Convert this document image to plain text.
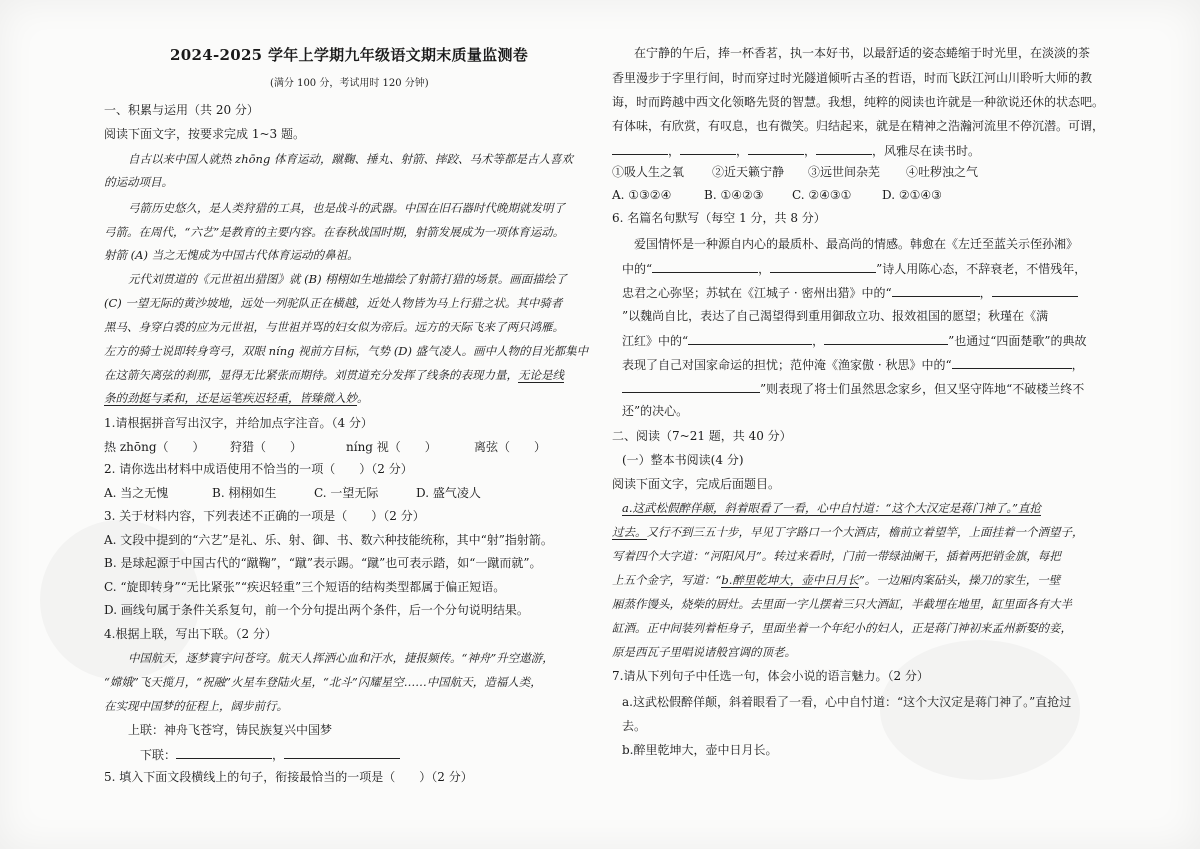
2024-2025 学年上学期九年级语文期末质量监测卷
(满分 100 分，考试用时 120 分钟)
一、积累与运用（共 20 分）
阅读下面文字，按要求完成 1~3 题。
自古以来中国人就热 zhōng 体育运动，蹴鞠、捶丸、射箭、摔跤、马术等都是古人喜欢
的运动项目。
弓箭历史悠久，是人类狩猎的工具，也是战斗的武器。中国在旧石器时代晚期就发明了
弓箭。在周代，“六艺”是教育的主要内容。在春秋战国时期，射箭发展成为一项体育运动。
射箭 (A) 当之无愧成为中国古代体育运动的鼻祖。
元代刘贯道的《元世祖出猎图》就 (B) 栩栩如生地描绘了射箭打猎的场景。画面描绘了
(C) 一望无际的黄沙坡地，远处一列驼队正在横越，近处人物皆为马上行猎之状。其中骑者
黑马、身穿白裘的应为元世祖，与世祖并骂的妇女似为帝后。远方的天际飞来了两只鸿雁。
左方的骑士说即转身弯弓，双眼 níng 视前方目标，气势 (D) 盛气凌人。画中人物的目光都集中
在这箭矢离弦的刹那，显得无比紧张而期待。刘贯道充分发挥了线条的表现力量，无论是线
条的劲挺与柔和，还是运笔疾迟轻重，皆臻微入妙。
1.请根据拼音写出汉字，并给加点字注音。（4 分）
热 zhōng（　　） 狩猎（　　）	níng 视（　　）	离弦（　　）
2. 请你选出材料中成语使用不恰当的一项（　　）（2 分）
A. 当之无愧	B. 栩栩如生	C. 一望无际	D. 盛气凌人
3. 关于材料内容，下列表述不正确的一项是（　　）（2 分）
A. 文段中提到的“六艺”是礼、乐、射、御、书、数六种技能统称，其中“射”指射箭。
B. 是球起源于中国古代的“蹴鞠”，“蹴”表示踢。“蹴”也可表示踏，如“一蹴而就”。
C. “旋即转身”“无比紧张”“疾迟轻重”三个短语的结构类型都属于偏正短语。
D. 画线句属于条件关系复句，前一个分句提出两个条件，后一个分句说明结果。
4.根据上联，写出下联。（2 分）
中国航天，逐梦寰宇问苍穹。航天人挥洒心血和汗水，捷报频传。“神舟”升空遨游，
“嫦娥”飞天揽月，“祝融”火星车登陆火星，“北斗”闪耀星空……中国航天，造福人类，
在实现中国梦的征程上，阔步前行。
上联：神舟飞苍穹，铸民族复兴中国梦
下联：	，
5. 填入下面文段横线上的句子，衔接最恰当的一项是（　　）（2 分）
在宁静的午后，捧一杯香茗，执一本好书，以最舒适的姿态蜷缩于时光里，在淡淡的茶
香里漫步于字里行间，时而穿过时光隧道倾听古圣的哲语，时而飞跃江河山川聆听大师的教
诲，时而跨越中西文化领略先贤的智慧。我想，纯粹的阅读也许就是一种欲说还休的状态吧。
有体味，有欣赏，有叹息，也有微笑。归结起来，就是在精神之浩瀚河流里不停沉潜。可谓，
，	，	，	，风雅尽在读书时。
①吸人生之氧 ②近天籁宁静 ③远世间杂芜 ④吐秽浊之气
A. ①③②④	B. ①④②③ C. ②④③①	D. ②①④③
6. 名篇名句默写（每空 1 分，共 8 分）
爱国情怀是一种源自内心的最质朴、最高尚的情感。韩愈在《左迁至蓝关示侄孙湘》
中的“	，	”诗人用陈心态，不辞衰老，不惜残年，
忠君之心弥坚；苏轼在《江城子 · 密州出猎》中的“	，
”以魏尚自比，表达了自己渴望得到重用御敌立功、报效祖国的愿望；秋瑾在《满
江红》中的“	，	”也通过“四面楚歌”的典故
表现了自己对国家命运的担忧；范仲淹《渔家傲 · 秋思》中的“	，
”则表现了将士们虽然思念家乡，但又坚守阵地“不破楼兰终不
还”的决心。
二、阅读（7~21 题，共 40 分）
(一）整本书阅读(4 分)
阅读下面文字，完成后面题目。
a.这武松假醉佯颠，斜着眼看了一看，心中自忖道：“这个大汉定是蒋门神了。”直抢
过去。又行不到三五十步，早见丁字路口一个大酒店，檐前立着望竿，上面挂着一个酒望子，
写着四个大字道：“河阳风月”。转过来看时，门前一带绿油阑干，插着两把销金旗，每把
上五个金字，写道：“b.醉里乾坤大，壶中日月长”。一边厢肉案砧头，操刀的家生，一壁
厢蒸作馒头，烧柴的厨灶。去里面一字儿摆着三只大酒缸，半截埋在地里，缸里面各有大半
缸酒。正中间装列着柜身子，里面坐着一个年纪小的妇人，正是蒋门神初来孟州新娶的妾，
原是西瓦子里唱说诸般宫调的顶老。
7.请从下列句子中任选一句，体会小说的语言魅力。（2 分）
a.这武松假醉佯颠，斜着眼看了一看，心中自忖道：“这个大汉定是蒋门神了。”直抢过
去。
b.醉里乾坤大，壶中日月长。
